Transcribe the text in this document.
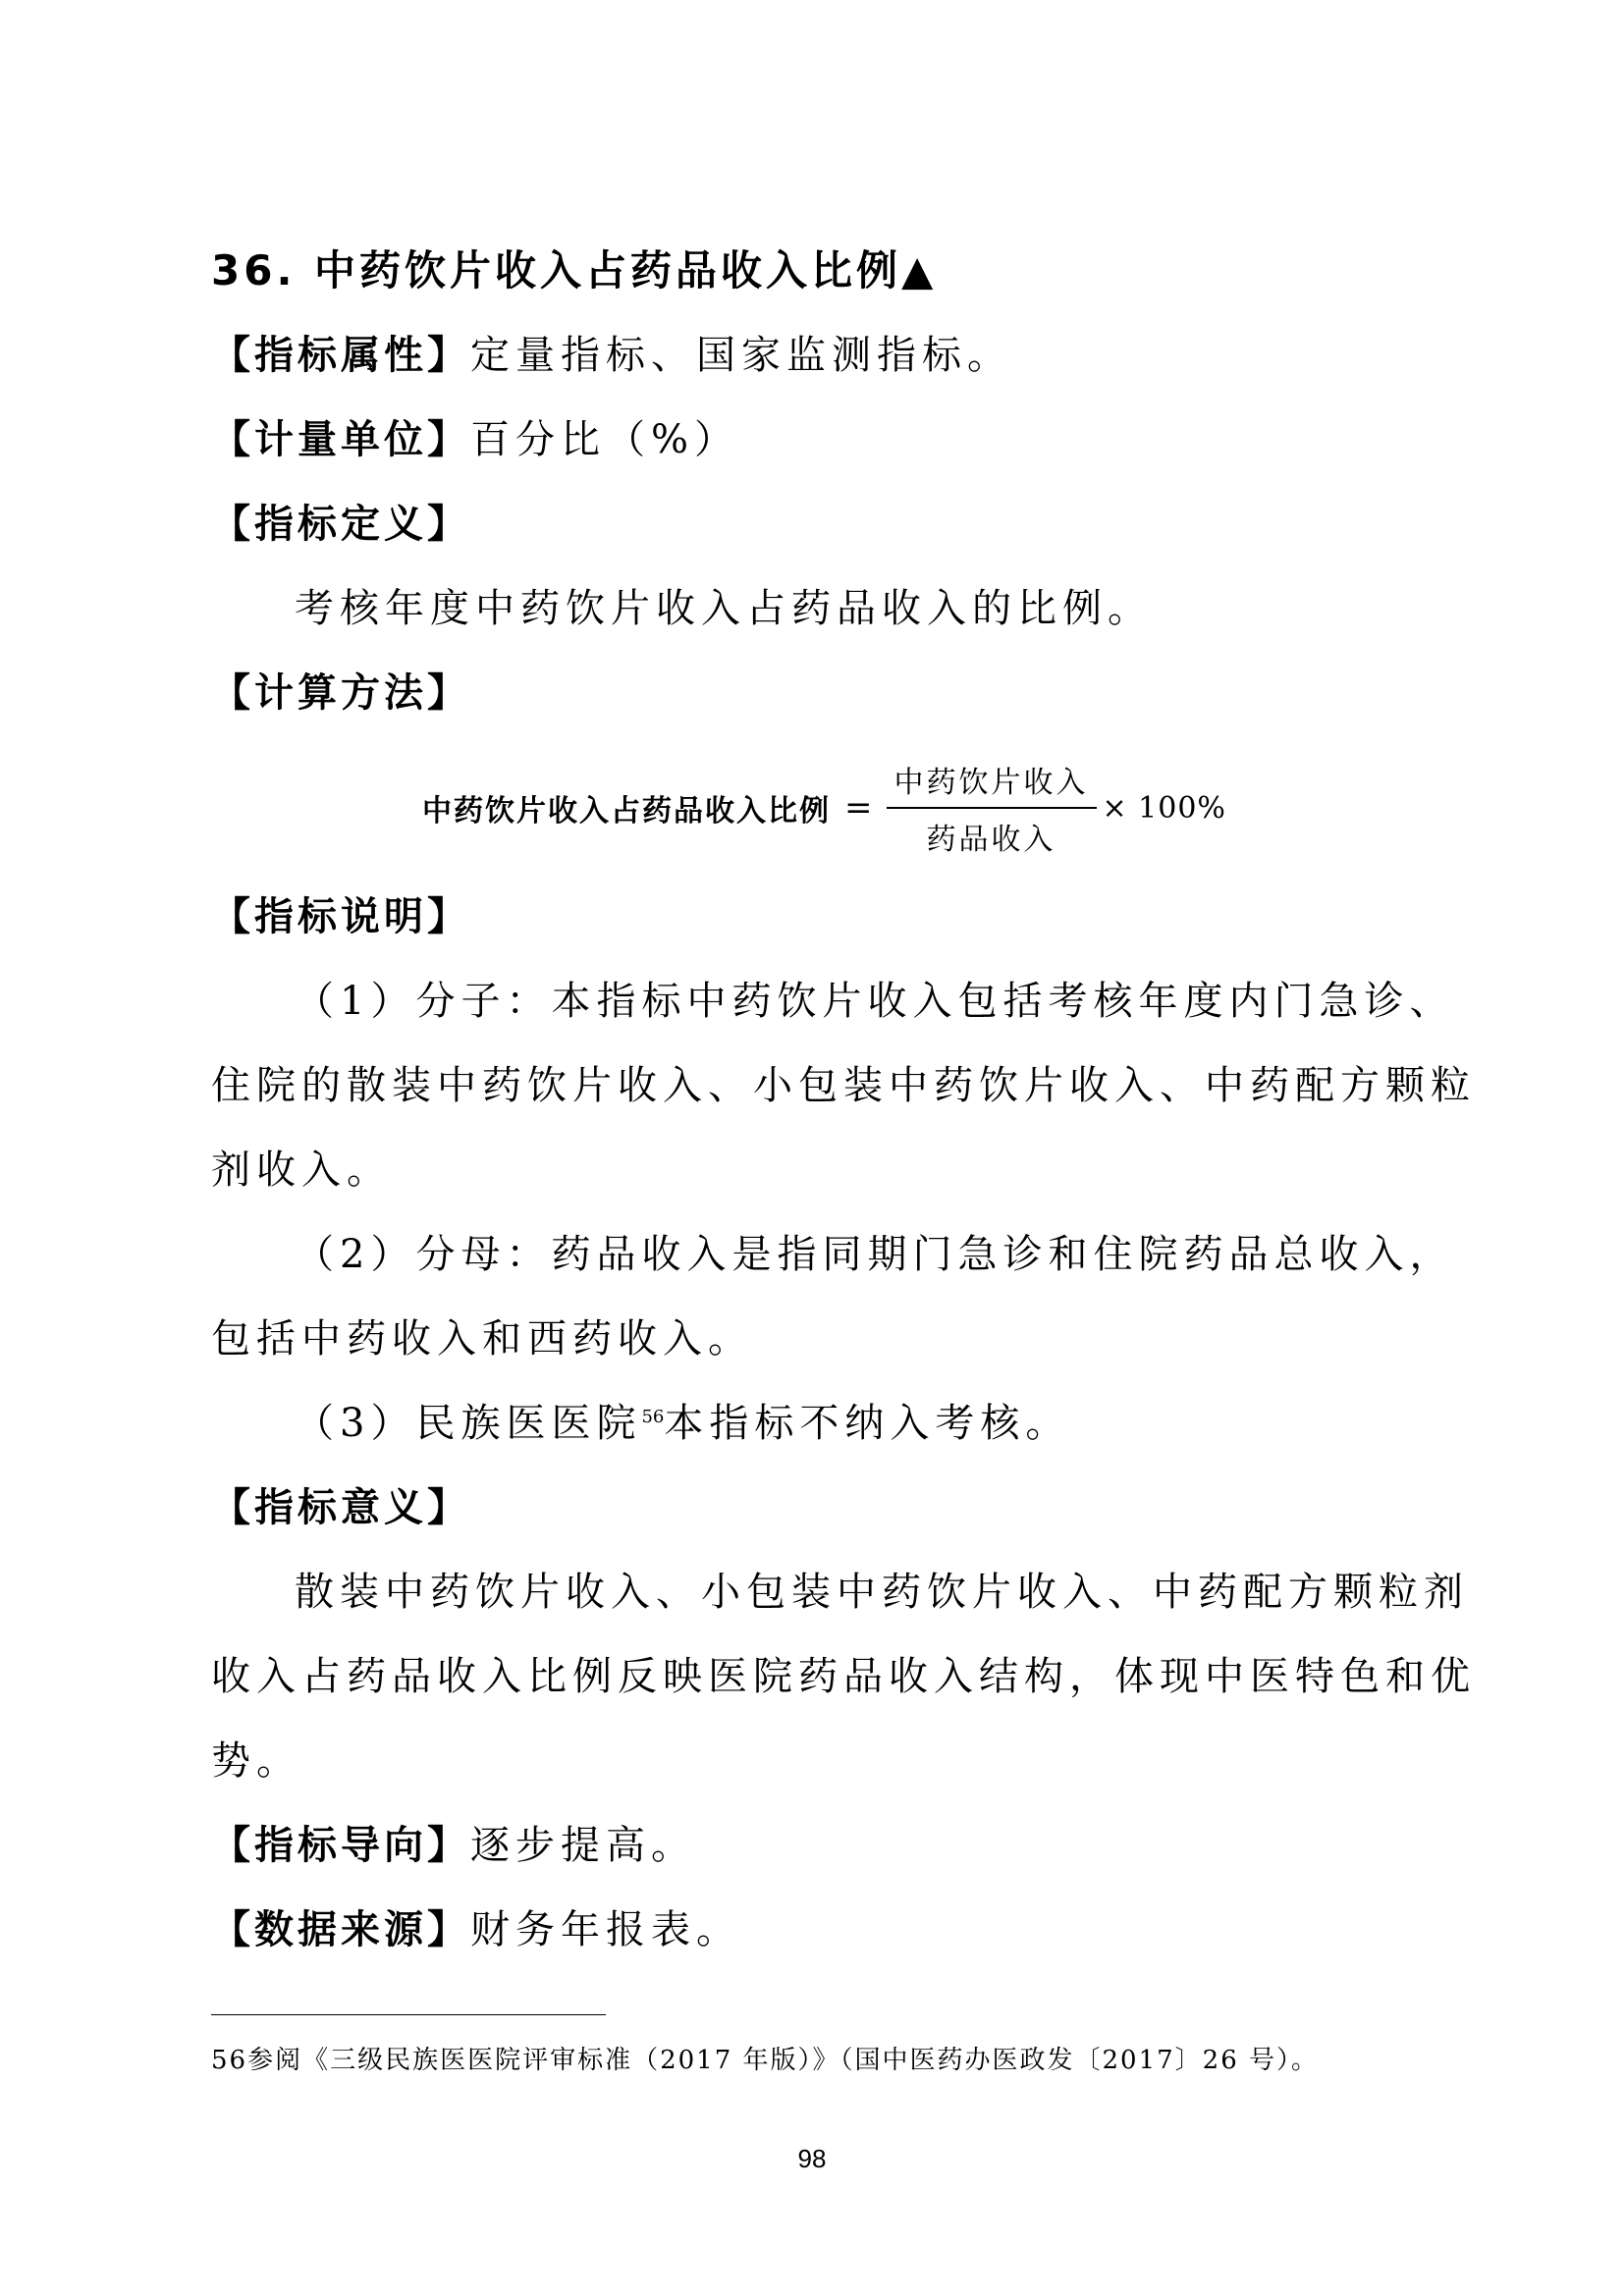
36. 中药饮片收入占药品收入比例▲
【指标属性】定量指标、国家监测指标。
【计量单位】百分比（%）
【指标定义】
考核年度中药饮片收入占药品收入的比例。
【计算方法】
中药饮片收入占药品收入比例 = $\frac{\text{中药饮片收入}}{\text{药品收入}} \times 100\%$
【指标说明】
（1）分子：本指标中药饮片收入包括考核年度内门急诊、
住院的散装中药饮片收入、小包装中药饮片收入、中药配方颗粒
剂收入。
（2）分母：药品收入是指同期门急诊和住院药品总收入，
包括中药收入和西药收入。
（3）民族医医院$^{56}$本指标不纳入考核。
【指标意义】
散装中药饮片收入、小包装中药饮片收入、中药配方颗粒剂
收入占药品收入比例反映医院药品收入结构，体现中医特色和优
势。
【指标导向】逐步提高。
【数据来源】财务年报表。
56参阅《三级民族医医院评审标准（2017 年版）》（国中医药办医政发〔2017〕26 号）。
98
